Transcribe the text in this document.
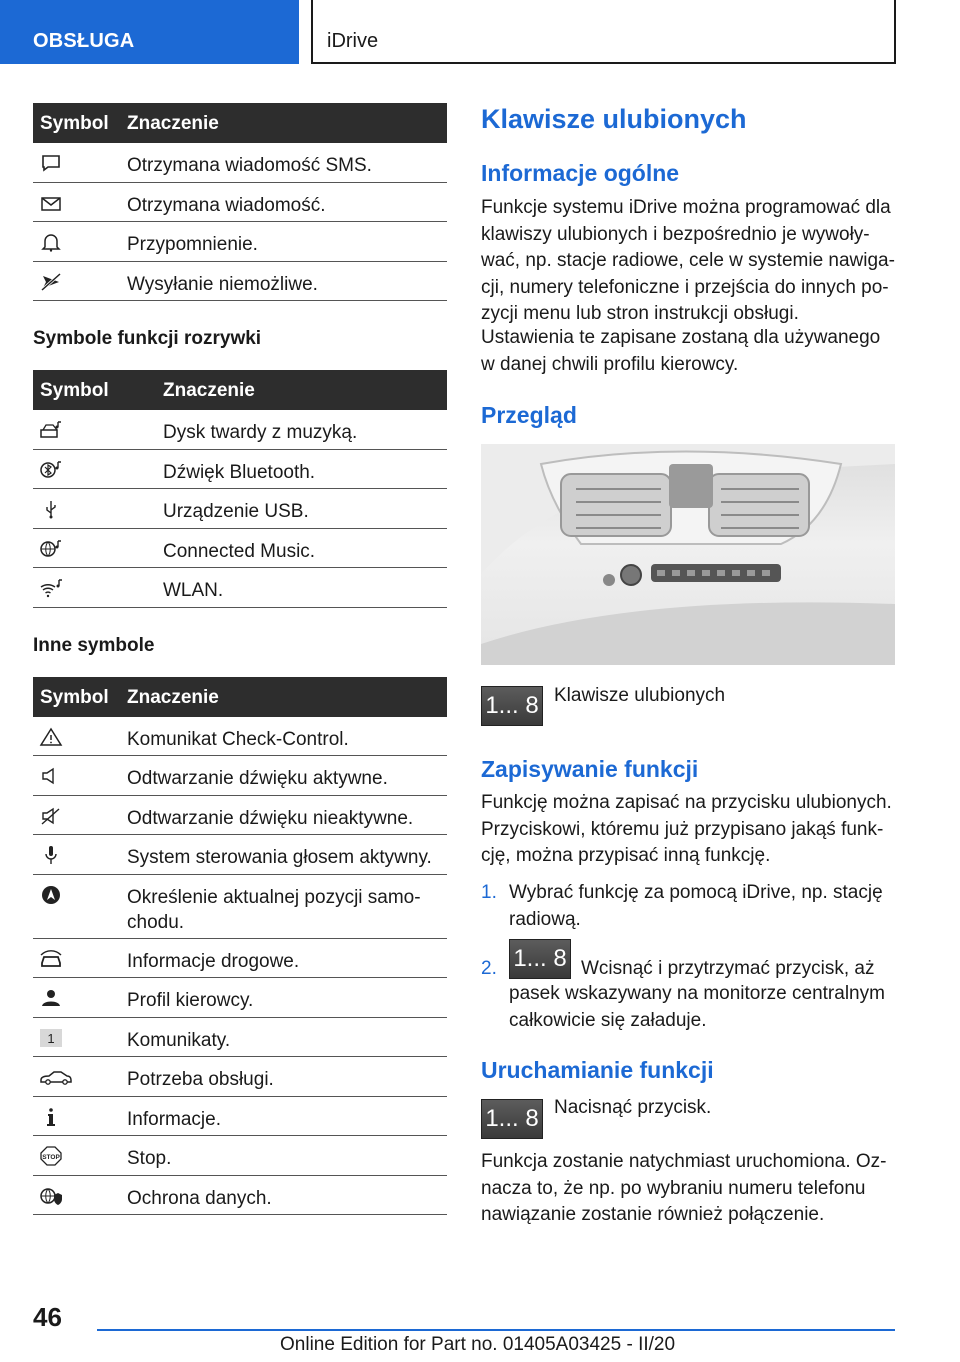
OBSŁUGA	iDrive
Symbol Znaczenie
Otrzymana wiadomość SMS.
Otrzymana wiadomość.
Przypomnienie.
Wysyłanie niemożliwe.
Symbole funkcji rozrywki
Symbol	Znaczenie
Dysk twardy z muzyką.
Dźwięk Bluetooth.
Urządzenie USB.
Connected Music.
WLAN.
Inne symbole
Symbol Znaczenie
Komunikat Check-Control.
Odtwarzanie dźwięku aktywne.
Odtwarzanie dźwięku nieaktywne.
System sterowania głosem aktywny.
Określenie aktualnej pozycji samo-
chodu.
Informacje drogowe.
Profil kierowcy.
1	Komunikaty.
Potrzeba obsługi.
Informacje.
STOP	Stop.
Ochrona danych.
Klawisze ulubionych
Informacje ogólne
Funkcje systemu iDrive można programować dla
klawiszy ulubionych i bezpośrednio je wywoły-
wać, np. stacje radiowe, cele w systemie nawiga-
cji, numery telefoniczne i przejścia do innych po-
zycji menu lub stron instrukcji obsługi.
Ustawienia te zapisane zostaną dla używanego
w danej chwili profilu kierowcy.
Przegląd
1... 8 Klawisze ulubionych
Zapisywanie funkcji
Funkcję można zapisać na przycisku ulubionych.
Przyciskowi, któremu już przypisano jakąś funk-
cję, można przypisać inną funkcję.
1. Wybrać funkcję za pomocą iDrive, np. stację
radiową.
2. 1... 8 Wcisnąć i przytrzymać przycisk, aż
pasek wskazywany na monitorze centralnym
całkowicie się załaduje.
Uruchamianie funkcji
1... 8 Nacisnąć przycisk.
Funkcja zostanie natychmiast uruchomiona. Oz-
nacza to, że np. po wybraniu numeru telefonu
nawiązanie zostanie również połączenie.
46
Online Edition for Part no. 01405A03425 - II/20
